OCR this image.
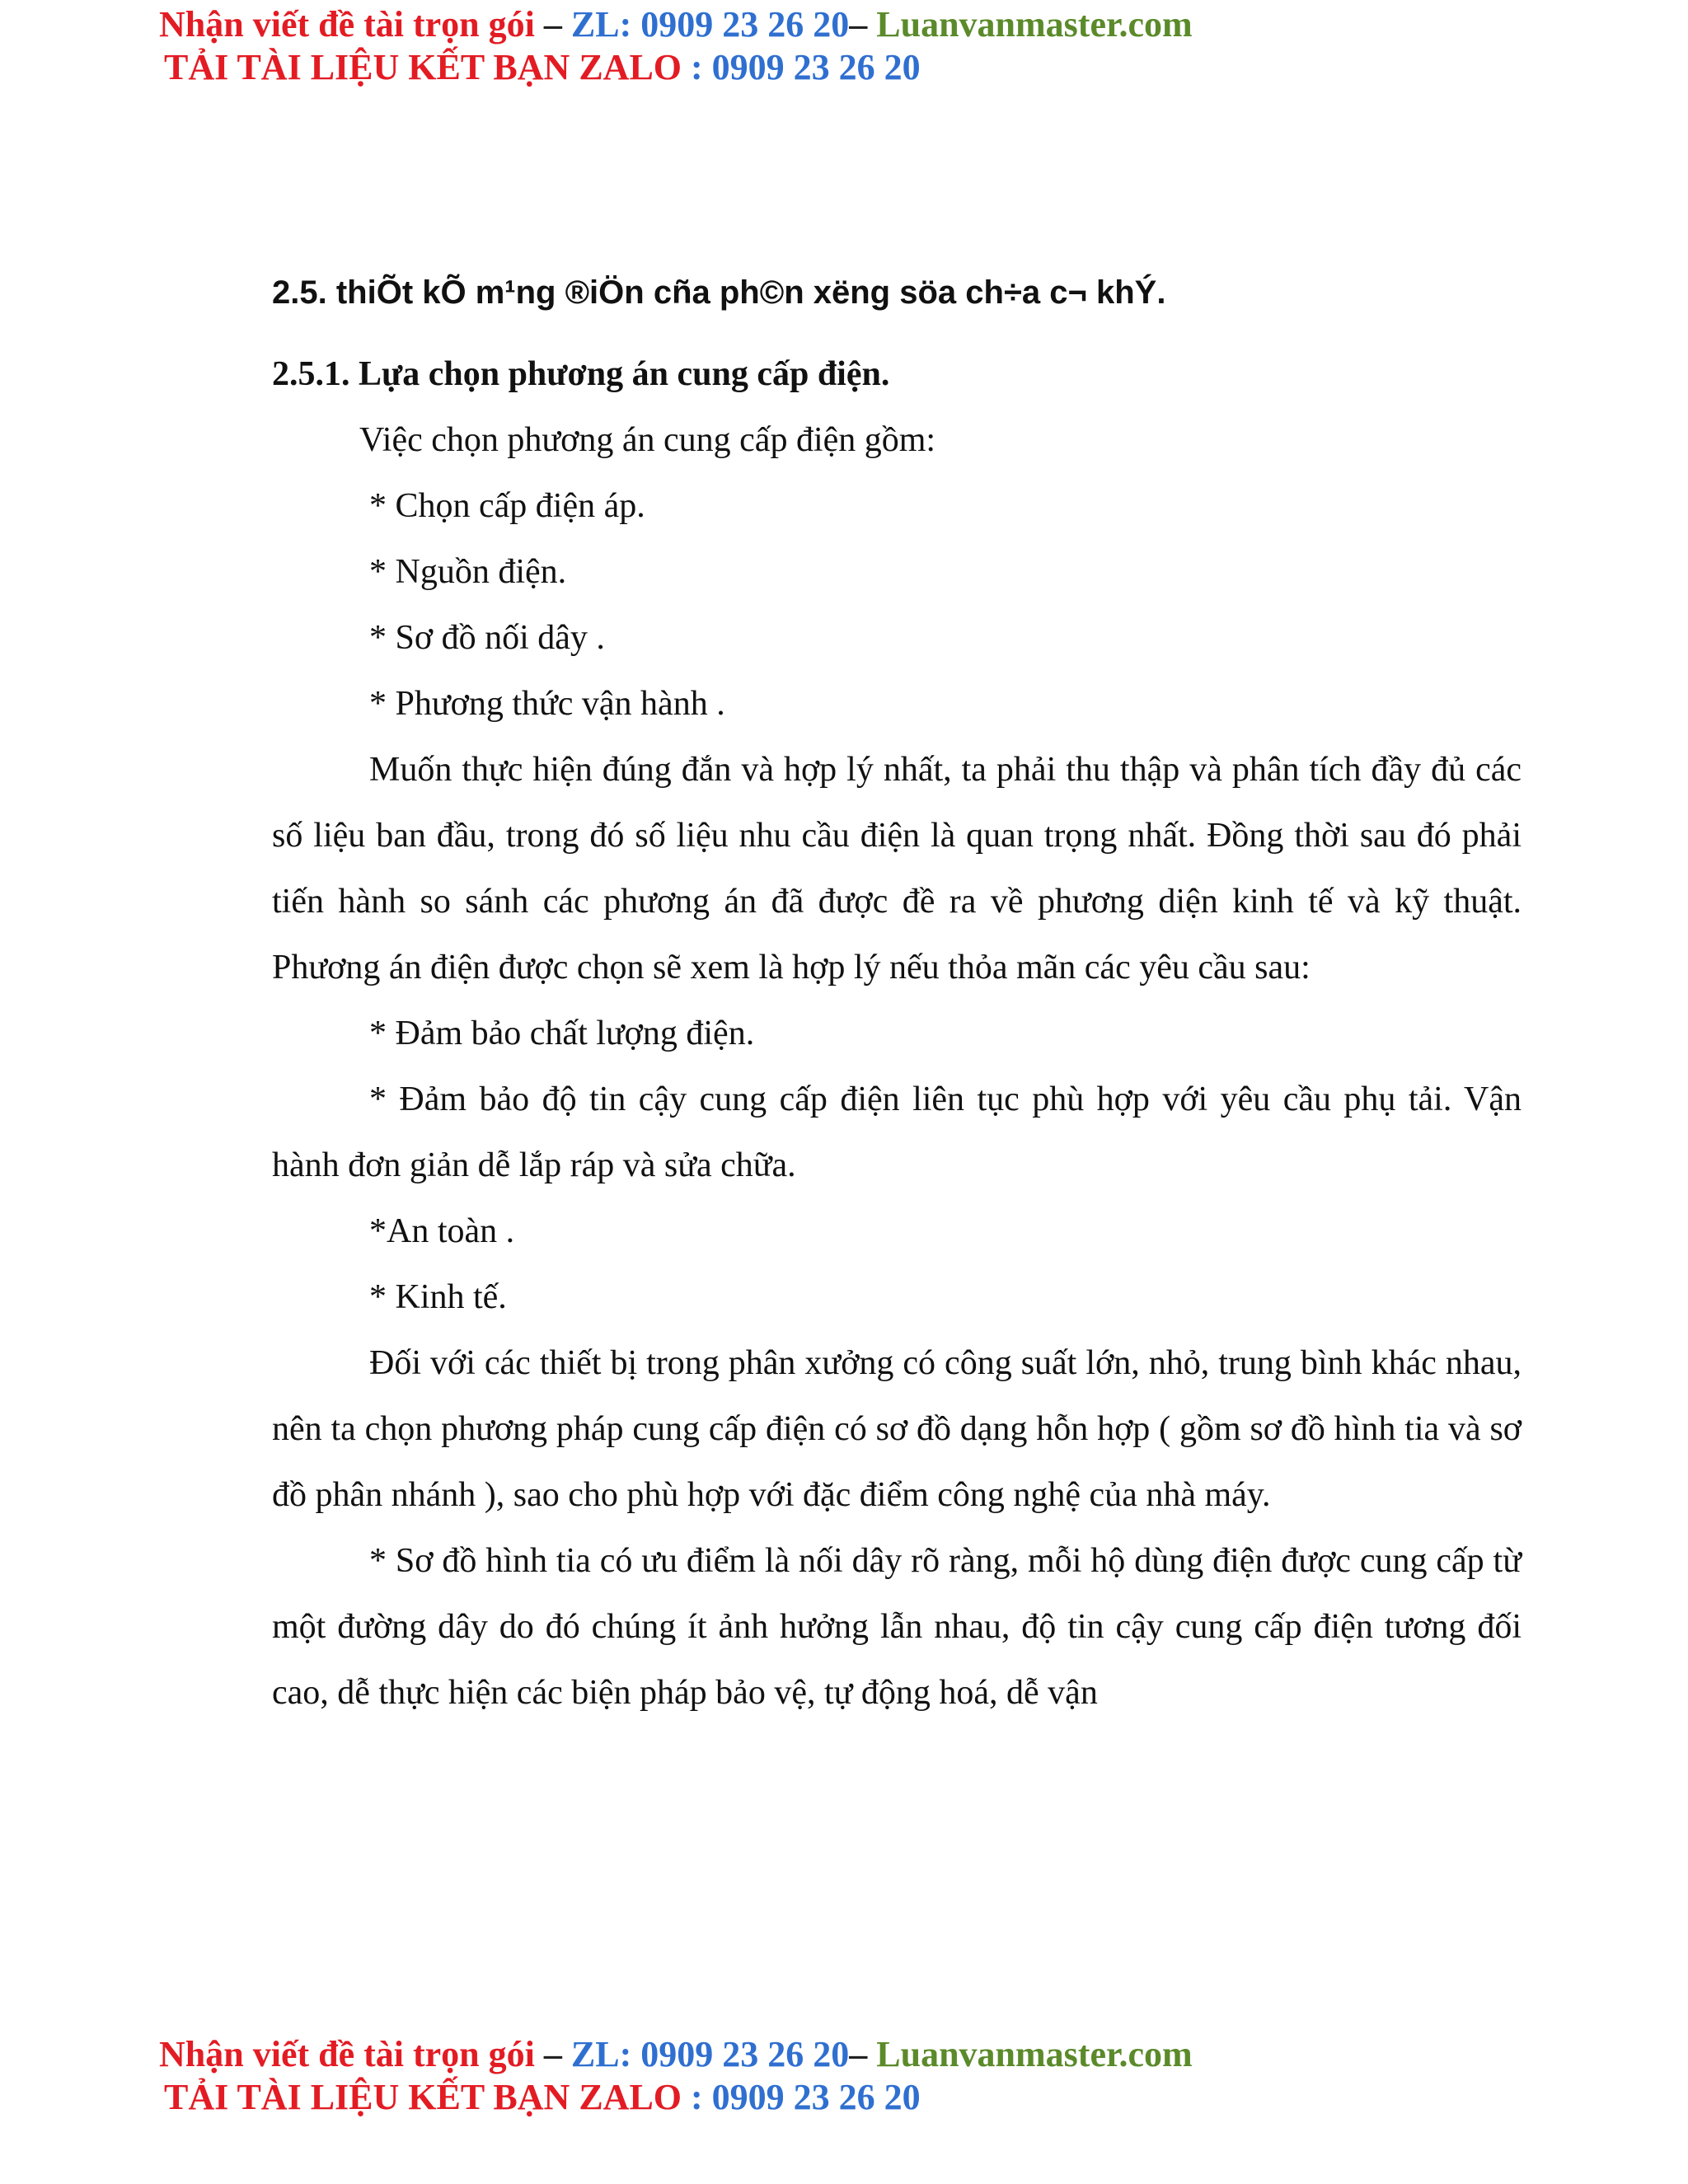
Nhận viết đề tài trọn gói – ZL: 0909 23 26 20– Luanvanmaster.com
TẢI TÀI LIỆU KẾT BẠN ZALO : 0909 23 26 20
2.5. thiÕt kÕ m¹ng ®iÖn cña ph©n xëng söa ch÷a c¬ khÝ.
2.5.1. Lựa chọn phương án cung cấp điện.

Việc chọn phương án cung cấp điện gồm:

* Chọn cấp điện áp.

* Nguồn điện.

* Sơ đồ nối dây .

* Phương thức vận hành .

Muốn thực hiện đúng đắn và hợp lý nhất, ta phải thu thập và phân tích đầy đủ các số liệu ban đầu, trong đó số liệu nhu cầu điện là quan trọng nhất. Đồng thời sau đó phải tiến hành so sánh các phương án đã được đề ra về phương diện kinh tế và kỹ thuật. Phương án điện được chọn sẽ xem là hợp lý nếu thỏa mãn các yêu cầu sau:

* Đảm bảo chất lượng điện.

* Đảm bảo độ tin cậy cung cấp điện liên tục phù hợp với yêu cầu phụ tải. Vận hành đơn giản dễ lắp ráp và sửa chữa.

*An toàn .

* Kinh tế.

Đối với các thiết bị trong phân xưởng có công suất lớn, nhỏ, trung bình khác nhau, nên ta chọn phương pháp cung cấp điện có sơ đồ dạng hỗn hợp ( gồm sơ đồ hình tia và sơ đồ phân nhánh ), sao cho phù hợp với đặc điểm công nghệ của nhà máy.

* Sơ đồ hình tia có ưu điểm là nối dây rõ ràng, mỗi hộ dùng điện được cung cấp từ một đường dây do đó chúng ít ảnh hưởng lẫn nhau, độ tin cậy cung cấp điện tương đối cao, dễ thực hiện các biện pháp bảo vệ, tự động hoá, dễ vận

Nhận viết đề tài trọn gói – ZL: 0909 23 26 20– Luanvanmaster.com
TẢI TÀI LIỆU KẾT BẠN ZALO : 0909 23 26 20
